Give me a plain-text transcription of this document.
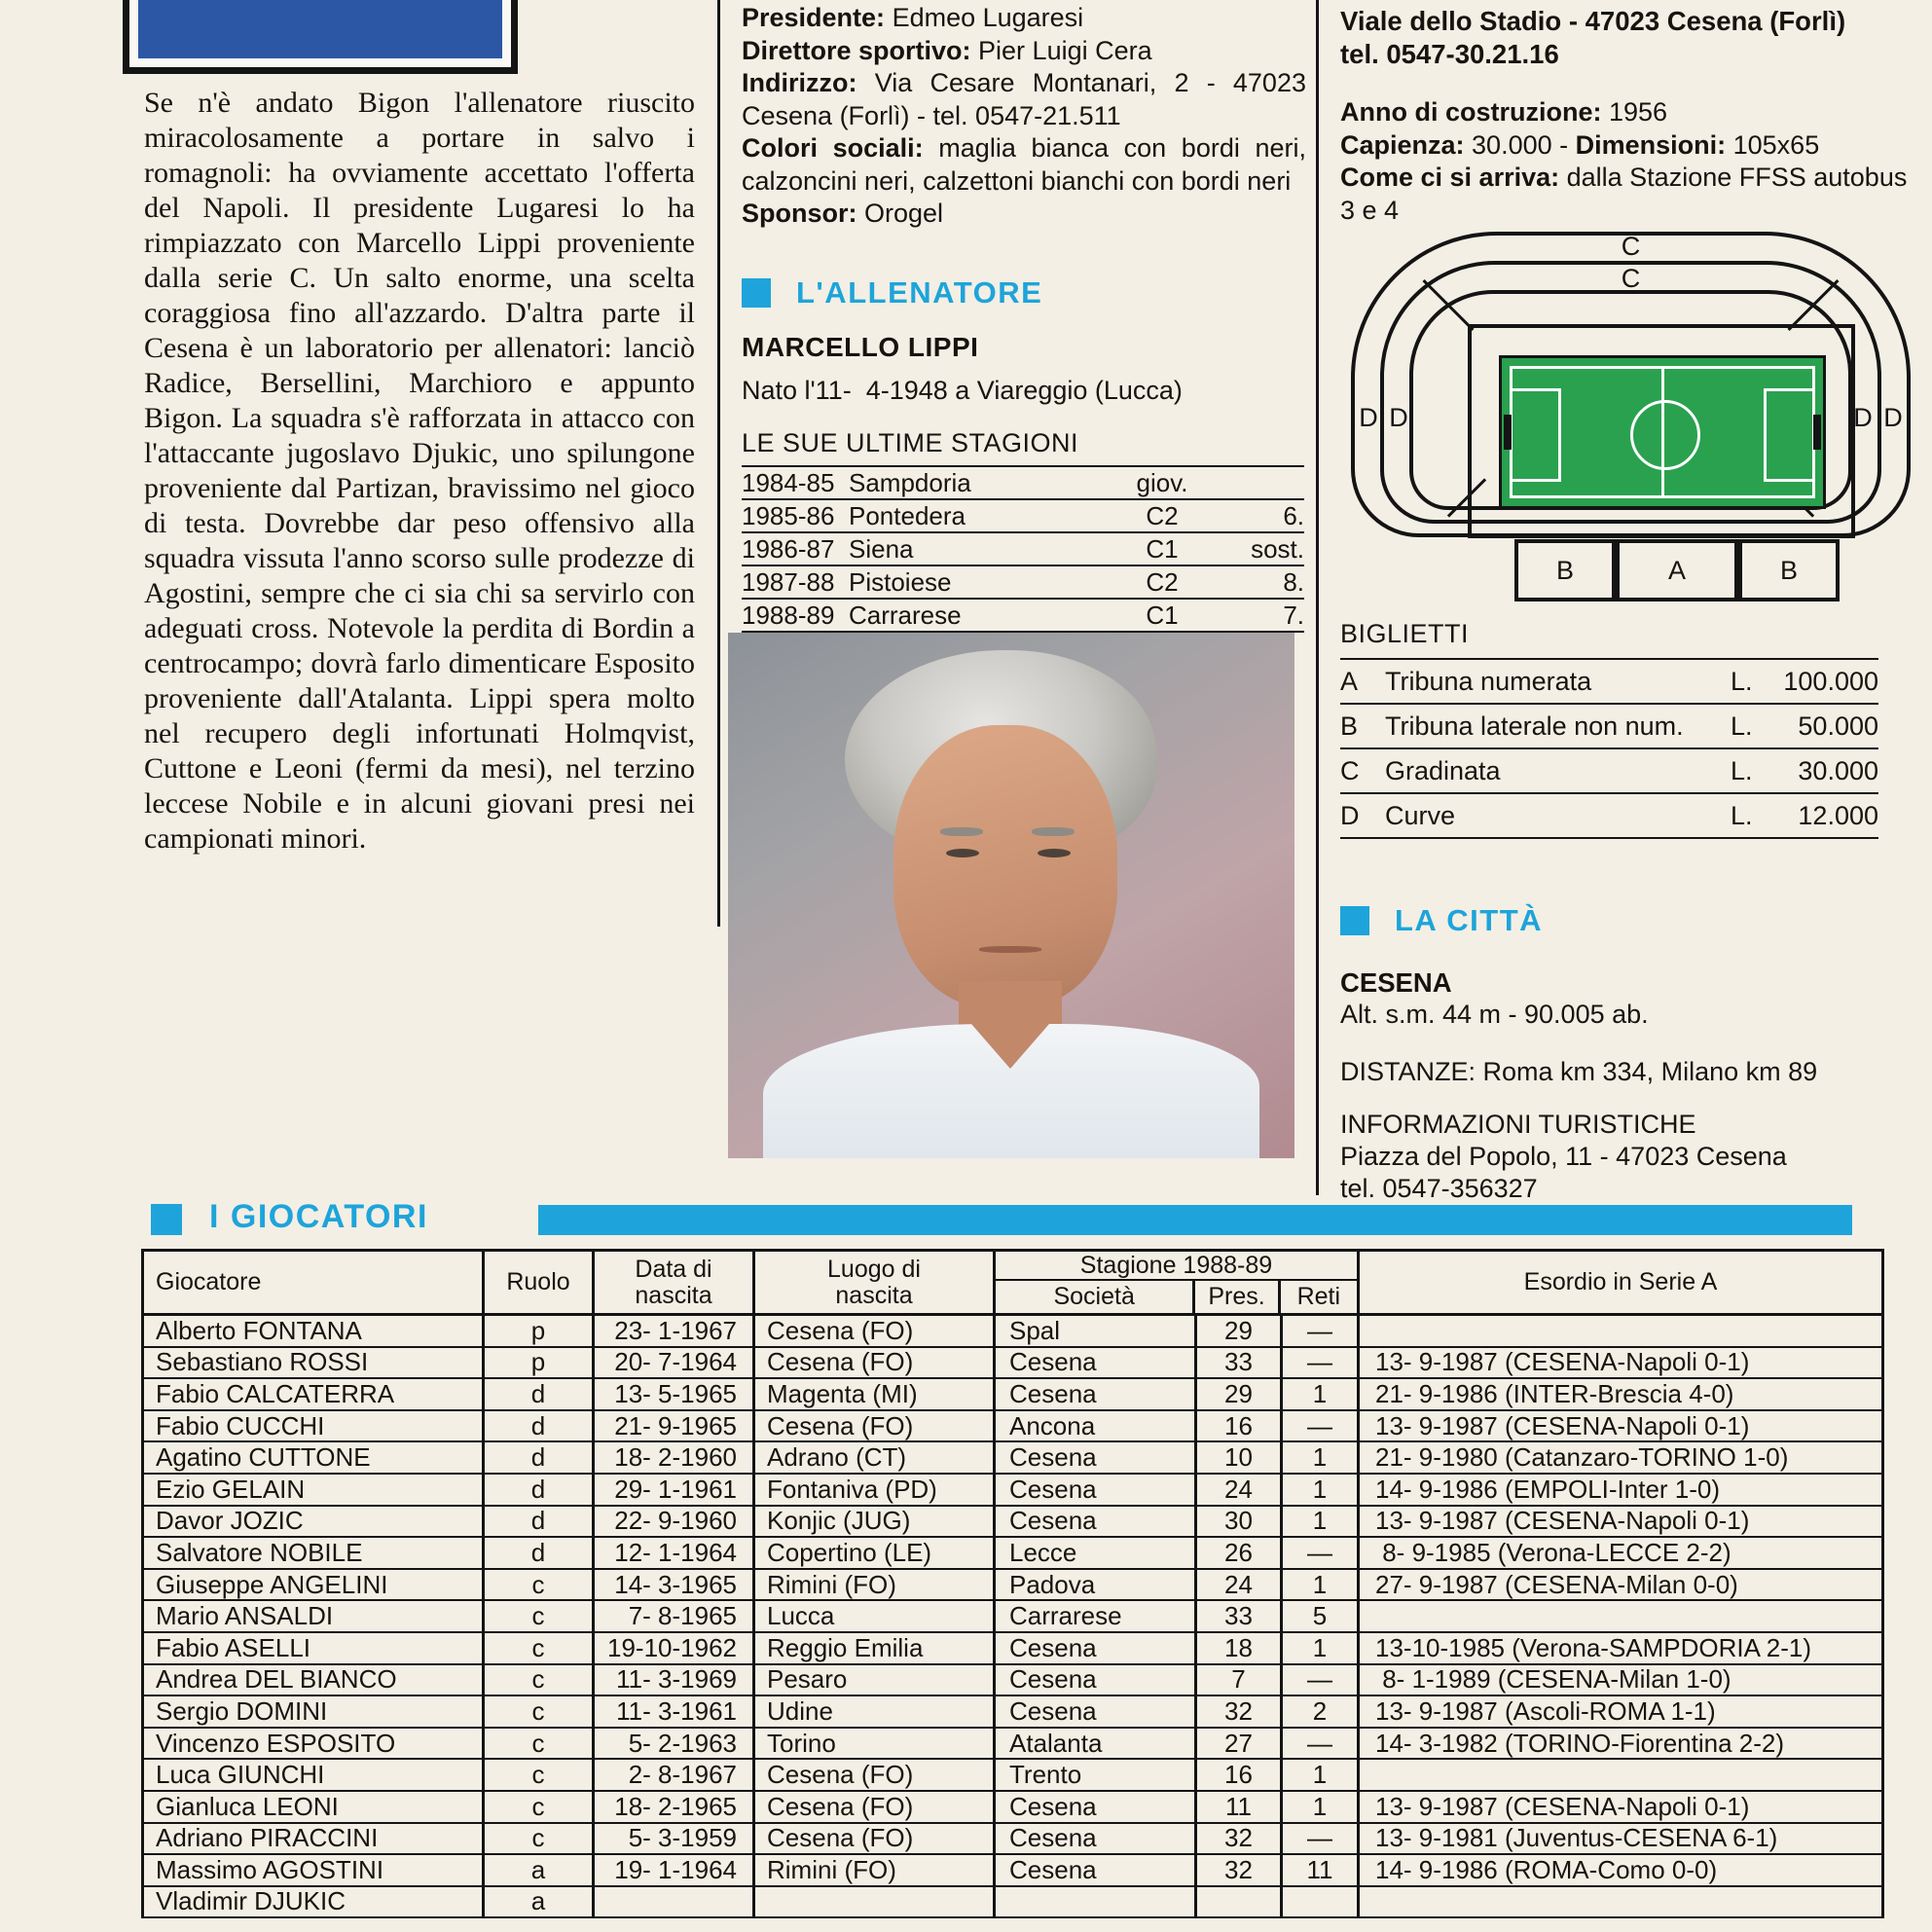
Se n'è andato Bigon l'allenatore riuscito miracolosamente a portare in salvo i romagnoli: ha ovviamente accettato l'offerta del Napoli. Il presidente Lugaresi lo ha rimpiazzato con Marcello Lippi proveniente dalla serie C. Un salto enorme, una scelta coraggiosa fino all'azzardo. D'altra parte il Cesena è un laboratorio per allenatori: lanciò Radice, Bersellini, Marchioro e appunto Bigon. La squadra s'è rafforzata in attacco con l'attaccante jugoslavo Djukic, uno spilungone proveniente dal Partizan, bravissimo nel gioco di testa. Dovrebbe dar peso offensivo alla squadra vissuta l'anno scorso sulle prodezze di Agostini, sempre che ci sia chi sa servirlo con adeguati cross. Notevole la perdita di Bordin a centrocampo; dovrà farlo dimenticare Esposito proveniente dall'Atalanta. Lippi spera molto nel recupero degli infortunati Holmqvist, Cuttone e Leoni (fermi da mesi), nel terzino leccese Nobile e in alcuni giovani presi nei campionati minori.

Presidente: Edmeo Lugaresi
Direttore sportivo: Pier Luigi Cera
Indirizzo: Via Cesare Montanari, 2 - 47023 Cesena (Forlì) - tel. 0547-21.511
Colori sociali: maglia bianca con bordi neri, calzoncini neri, calzettoni bianchi con bordi neri
Sponsor: Orogel
L'ALLENATORE
MARCELLO LIPPI
Nato l'11-  4-1948 a Viareggio (Lucca)
LE SUE ULTIME STAGIONI
1984-85 Sampdoria	giov.
1985-86 Pontedera	C2	6.
1986-87 Siena	C1	sost.
1987-88 Pistoiese	C2	8.
1988-89 Carrarese	C1	7.
Viale dello Stadio - 47023 Cesena (Forlì)
tel. 0547-30.21.16
Anno di costruzione: 1956
Capienza: 30.000 - Dimensioni: 105x65
Come ci si arriva: dalla Stazione FFSS autobus 3 e 4
C
C
D D	D D
B	A	B
BIGLIETTI
A	Tribuna numerata	L.	100.000
B	Tribuna laterale non num.	L.	50.000
C Gradinata	L.	30.000
D Curve	L.	12.000
LA CITTÀ
CESENA
Alt. s.m. 44 m - 90.005 ab.
DISTANZE: Roma km 334, Milano km 89
INFORMAZIONI TURISTICHE
Piazza del Popolo, 11 - 47023 Cesena
tel. 0547-356327
I GIOCATORI
Giocatore	Ruolo	Data di
nascita
Luogo di
nascita
Stagione 1988-89
Società	Pres.	Reti
Esordio in Serie A
Alberto FONTANA	p	23- 1-1967	Cesena (FO)	Spal	29	—
Sebastiano ROSSI	p	20- 7-1964	Cesena (FO)	Cesena	33	—	13- 9-1987 (CESENA-Napoli 0-1)
Fabio CALCATERRA	d	13- 5-1965	Magenta (MI)	Cesena	29	1	21- 9-1986 (INTER-Brescia 4-0)
Fabio CUCCHI	d	21- 9-1965	Cesena (FO)	Ancona	16	—	13- 9-1987 (CESENA-Napoli 0-1)
Agatino CUTTONE	d	18- 2-1960	Adrano (CT)	Cesena	10	1	21- 9-1980 (Catanzaro-TORINO 1-0)
Ezio GELAIN	d	29- 1-1961	Fontaniva (PD)	Cesena	24	1	14- 9-1986 (EMPOLI-Inter 1-0)
Davor JOZIC	d	22- 9-1960	Konjic (JUG)	Cesena	30	1	13- 9-1987 (CESENA-Napoli 0-1)
Salvatore NOBILE	d	12- 1-1964	Copertino (LE)	Lecce	26	—	8- 9-1985 (Verona-LECCE 2-2)
Giuseppe ANGELINI	c	14- 3-1965	Rimini (FO)	Padova	24	1	27- 9-1987 (CESENA-Milan 0-0)
Mario ANSALDI	c	7- 8-1965	Lucca	Carrarese	33	5
Fabio ASELLI	c	19-10-1962	Reggio Emilia	Cesena	18	1	13-10-1985 (Verona-SAMPDORIA 2-1)
Andrea DEL BIANCO	c	11- 3-1969	Pesaro	Cesena	7	—	8- 1-1989 (CESENA-Milan 1-0)
Sergio DOMINI	c	11- 3-1961	Udine	Cesena	32	2	13- 9-1987 (Ascoli-ROMA 1-1)
Vincenzo ESPOSITO	c	5- 2-1963	Torino	Atalanta	27	—	14- 3-1982 (TORINO-Fiorentina 2-2)
Luca GIUNCHI	c	2- 8-1967	Cesena (FO)	Trento	16	1
Gianluca LEONI	c	18- 2-1965	Cesena (FO)	Cesena	11	1	13- 9-1987 (CESENA-Napoli 0-1)
Adriano PIRACCINI	c	5- 3-1959	Cesena (FO)	Cesena	32	—	13- 9-1981 (Juventus-CESENA 6-1)
Massimo AGOSTINI	a	19- 1-1964	Rimini (FO)	Cesena	32	11	14- 9-1986 (ROMA-Como 0-0)
Vladimir DJUKIC	a
